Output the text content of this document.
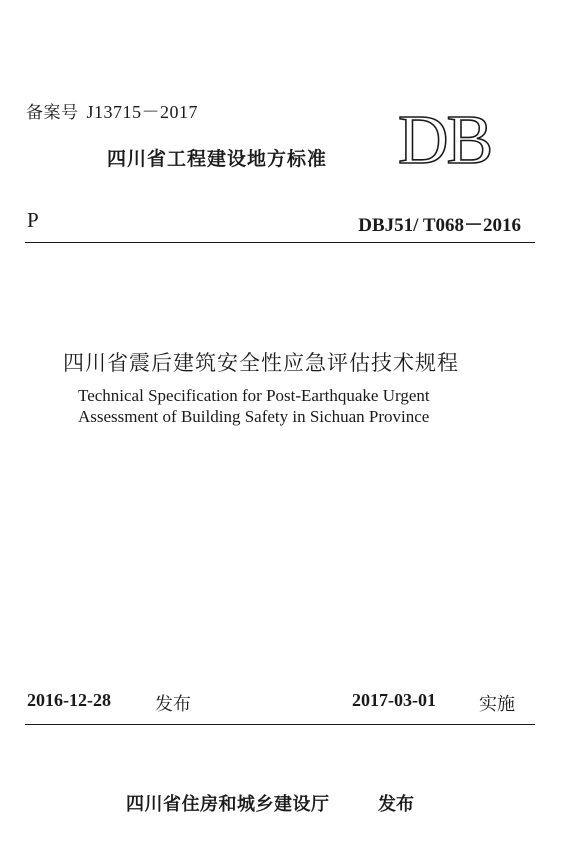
备案号 J13715－2017
四川省工程建设地方标准 DB
P	DBJ51/ T068－2016
四川省震后建筑安全性应急评估技术规程
Technical Specification for Post-Earthquake Urgent
Assessment of Building Safety in Sichuan Province
2016-12-28 发布	2017-03-01 实施
四川省住房和城乡建设厅	发布
